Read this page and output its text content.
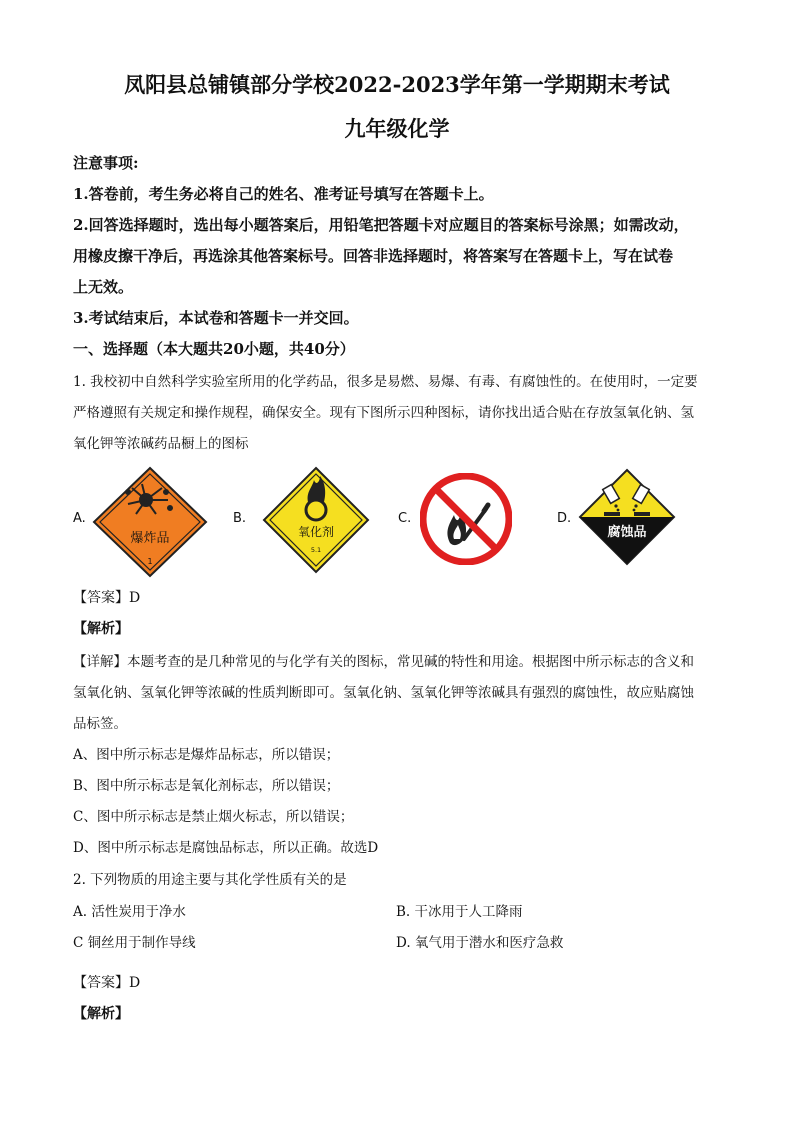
凤阳县总铺镇部分学校2022-2023学年第一学期期末考试
九年级化学
注意事项:
1.答卷前，考生务必将自己的姓名、准考证号填写在答题卡上。
2.回答选择题时，选出每小题答案后，用铅笔把答题卡对应题目的答案标号涂黑；如需改动，
用橡皮擦干净后，再选涂其他答案标号。回答非选择题时，将答案写在答题卡上，写在试卷
上无效。
3.考试结束后，本试卷和答题卡一并交回。
一、选择题（本大题共20小题，共40分）
1. 我校初中自然科学实验室所用的化学药品，很多是易燃、易爆、有毒、有腐蚀性的。在使用时，一定要
严格遵照有关规定和操作规程，确保安全。现有下图所示四种图标，请你找出适合贴在存放氢氧化钠、氢
氧化钾等浓碱药品橱上的图标
A.	B.	C.	D.
爆炸品
1
氧化剂
5.1
腐蚀品
【答案】D
【解析】
【详解】本题考查的是几种常见的与化学有关的图标，常见碱的特性和用途。根据图中所示标志的含义和
氢氧化钠、氢氧化钾等浓碱的性质判断即可。氢氧化钠、氢氧化钾等浓碱具有强烈的腐蚀性，故应贴腐蚀
品标签。
A、图中所示标志是爆炸品标志，所以错误；
B、图中所示标志是氧化剂标志，所以错误；
C、图中所示标志是禁止烟火标志，所以错误；
D、图中所示标志是腐蚀品标志，所以正确。故选D
2. 下列物质的用途主要与其化学性质有关的是
A. 活性炭用于净水	B. 干冰用于人工降雨
C 铜丝用于制作导线	D. 氧气用于潜水和医疗急救
【答案】D
【解析】
